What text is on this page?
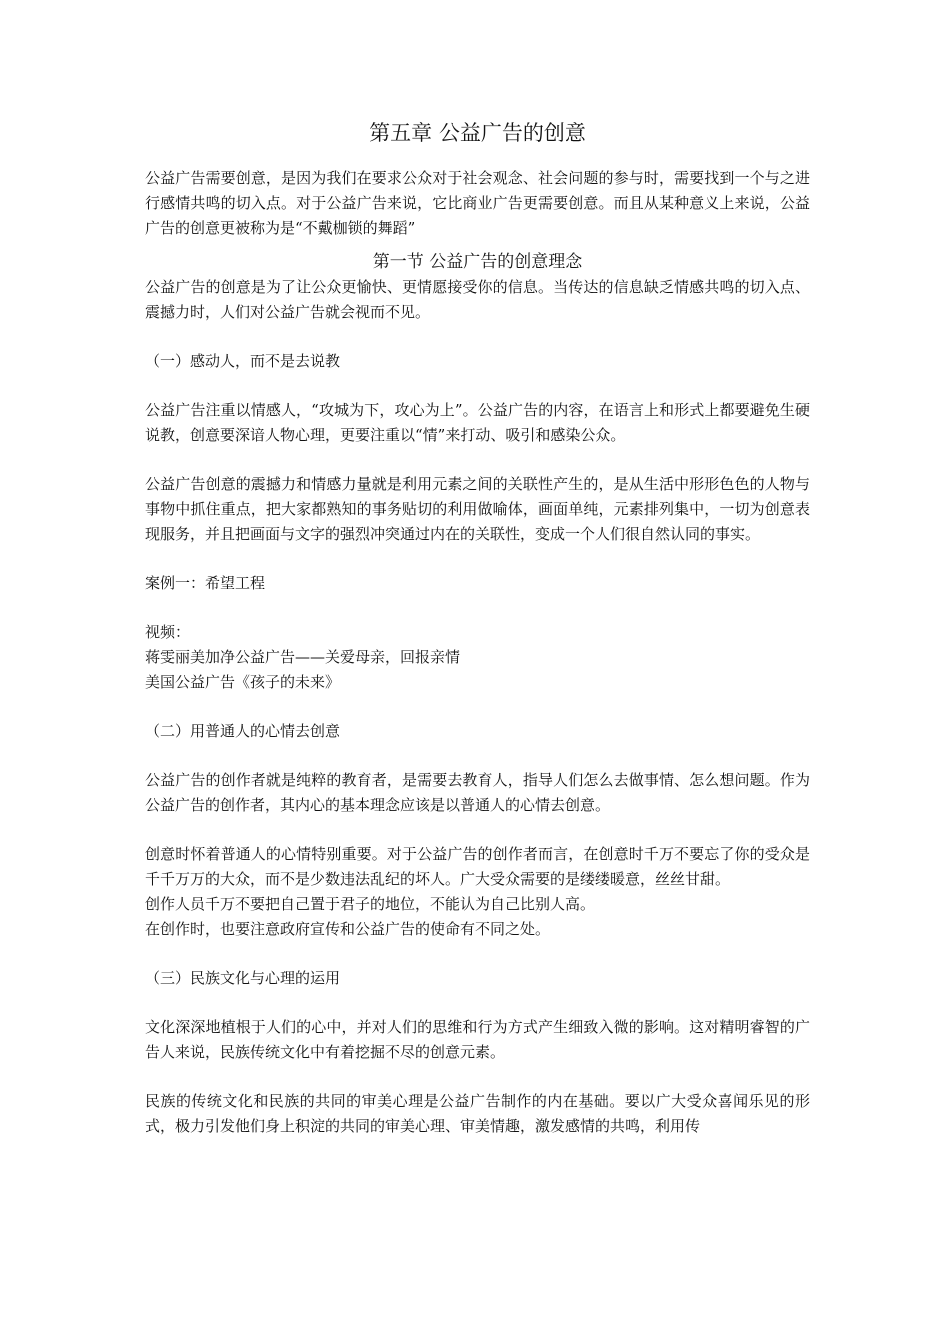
第五章 公益广告的创意

公益广告需要创意，是因为我们在要求公众对于社会观念、社会问题的参与时，需要找到一个与之进行感情共鸣的切入点。对于公益广告来说，它比商业广告更需要创意。而且从某种意义上来说，公益广告的创意更被称为是“不戴枷锁的舞蹈”

第一节 公益广告的创意理念

公益广告的创意是为了让公众更愉快、更情愿接受你的信息。当传达的信息缺乏情感共鸣的切入点、震撼力时，人们对公益广告就会视而不见。

（一）感动人，而不是去说教

公益广告注重以情感人，“攻城为下，攻心为上”。公益广告的内容，在语言上和形式上都要避免生硬说教，创意要深谙人物心理，更要注重以“情”来打动、吸引和感染公众。

公益广告创意的震撼力和情感力量就是利用元素之间的关联性产生的，是从生活中形形色色的人物与事物中抓住重点，把大家都熟知的事务贴切的利用做喻体，画面单纯，元素排列集中，一切为创意表现服务，并且把画面与文字的强烈冲突通过内在的关联性，变成一个人们很自然认同的事实。

案例一：希望工程

视频：

蒋雯丽美加净公益广告——关爱母亲，回报亲情

美国公益广告《孩子的未来》

（二）用普通人的心情去创意

公益广告的创作者就是纯粹的教育者，是需要去教育人，指导人们怎么去做事情、怎么想问题。作为公益广告的创作者，其内心的基本理念应该是以普通人的心情去创意。

创意时怀着普通人的心情特别重要。对于公益广告的创作者而言，在创意时千万不要忘了你的受众是千千万万的大众，而不是少数违法乱纪的坏人。广大受众需要的是缕缕暖意，丝丝甘甜。

创作人员千万不要把自己置于君子的地位，不能认为自己比别人高。

在创作时，也要注意政府宣传和公益广告的使命有不同之处。

（三）民族文化与心理的运用

文化深深地植根于人们的心中，并对人们的思维和行为方式产生细致入微的影响。这对精明睿智的广告人来说，民族传统文化中有着挖掘不尽的创意元素。

民族的传统文化和民族的共同的审美心理是公益广告制作的内在基础。要以广大受众喜闻乐见的形式，极力引发他们身上积淀的共同的审美心理、审美情趣，激发感情的共鸣，利用传
